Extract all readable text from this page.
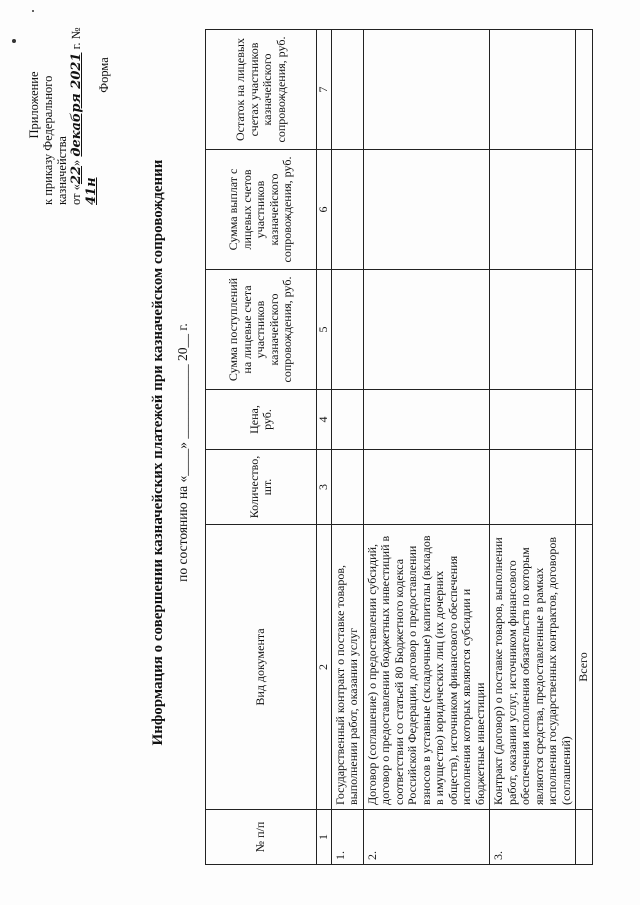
Приложение к приказу Федерального казначейства от «22» декабря 2021 г. № 41н
Форма
Информация о совершении казначейских платежей при казначейском сопровождении по состоянию на «____» ___________ 20__ г.
№ п/п	Вид документа	Количество, шт.	Цена, руб.	Сумма поступлений на лицевые счета участников казначейского сопровождения, руб.	Сумма выплат с лицевых счетов участников казначейского сопровождения, руб.	Остаток на лицевых счетах участников казначейского сопровождения, руб.
1	2	3	4	5	6	7
1.	Государственный контракт о поставке товаров, выполнении работ, оказании услуг					
2.	Договор (соглашение) о предоставлении субсидий, договор о предоставлении бюджетных инвестиций в соответствии со статьей 80 Бюджетного кодекса Российской Федерации, договор о предоставлении взносов в уставные (складочные) капиталы (вкладов в имущество) юридических лиц (их дочерних обществ), источником финансового обеспечения исполнения которых являются субсидии и бюджетные инвестиции					
3.	Контракт (договор) о поставке товаров, выполнении работ, оказании услуг, источником финансового обеспечения исполнения обязательств по которым являются средства, предоставленные в рамках исполнения государственных контрактов, договоров (соглашений)					
	Всего					
